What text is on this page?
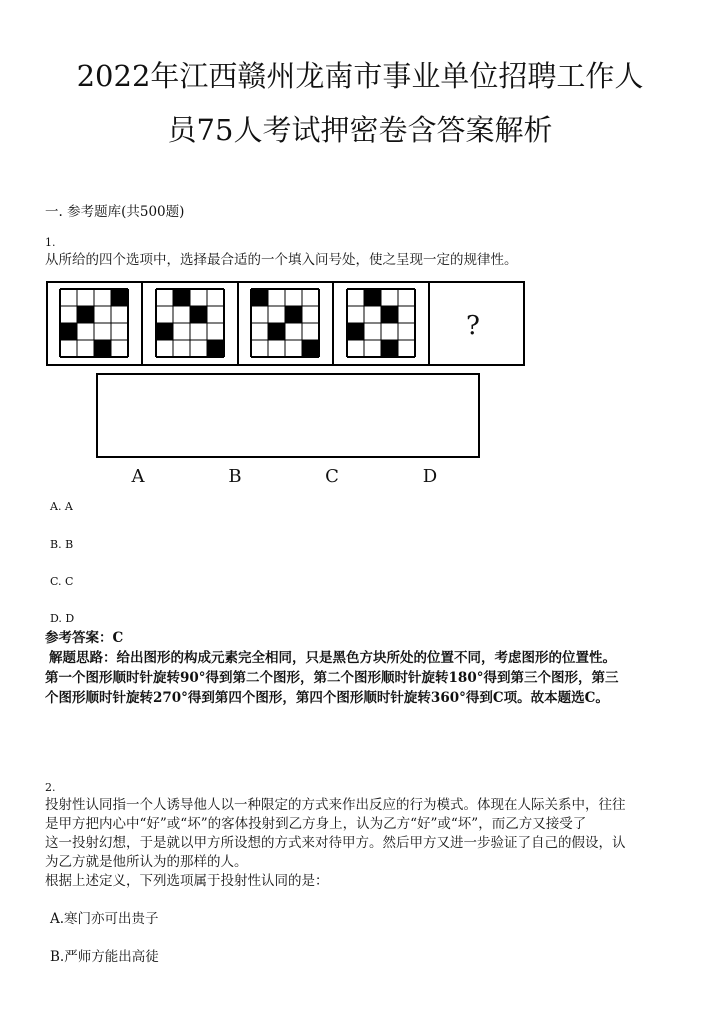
2022年江西赣州龙南市事业单位招聘工作人
员75人考试押密卷含答案解析
一. 参考题库(共500题)
1.
从所给的四个选项中，选择最合适的一个填入问号处，使之呈现一定的规律性。
?
A	B	C	D
A. A
B. B
C. C
D. D
参考答案：C
解题思路：给出图形的构成元素完全相同，只是黑色方块所处的位置不同，考虑图形的位置性。
第一个图形顺时针旋转90°得到第二个图形，第二个图形顺时针旋转180°得到第三个图形，第三
个图形顺时针旋转270°得到第四个图形，第四个图形顺时针旋转360°得到C项。故本题选C。
2.
投射性认同指一个人诱导他人以一种限定的方式来作出反应的行为模式。体现在人际关系中，往往
是甲方把内心中“好”或“坏”的客体投射到乙方身上，认为乙方“好”或“坏”，而乙方又接受了
这一投射幻想，于是就以甲方所设想的方式来对待甲方。然后甲方又进一步验证了自己的假设，认
为乙方就是他所认为的那样的人。
根据上述定义，下列选项属于投射性认同的是：
A.寒门亦可出贵子
B.严师方能出高徒
